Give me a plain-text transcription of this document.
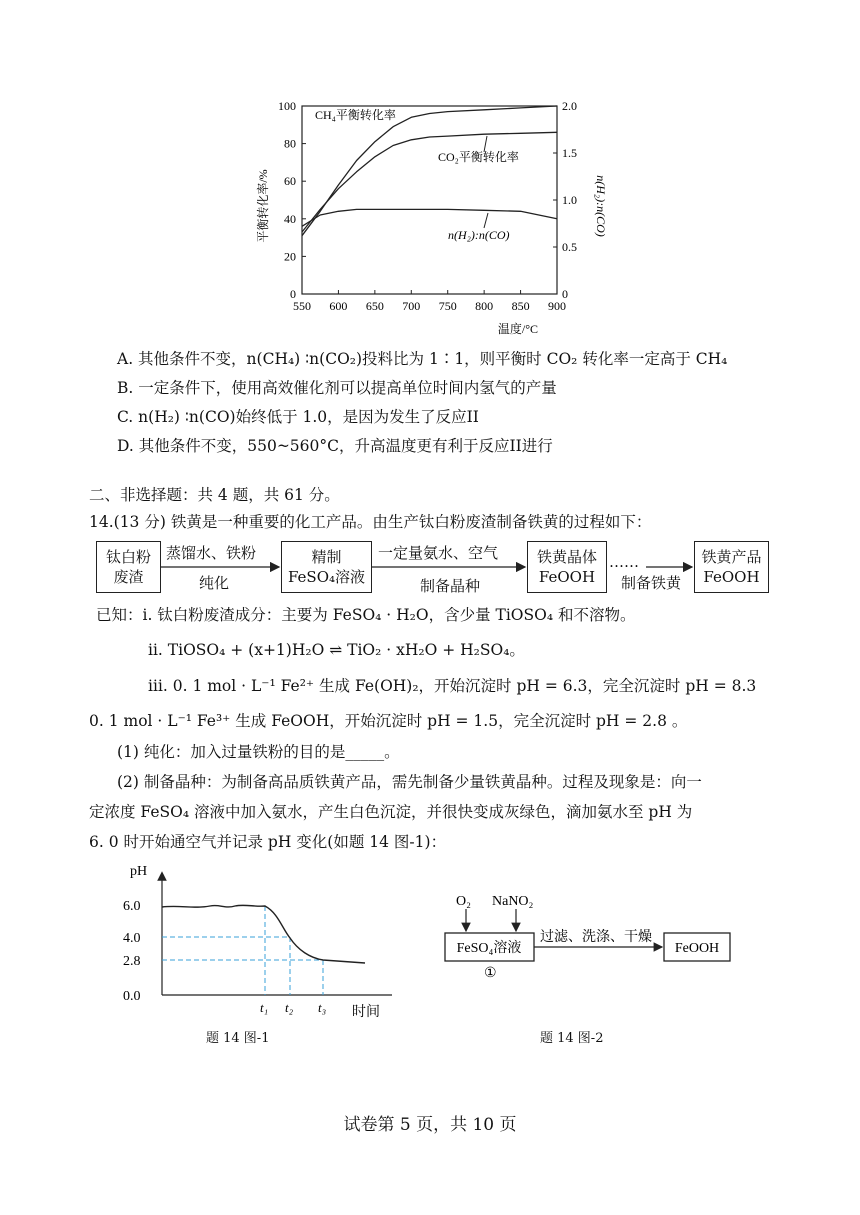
550 600 650 700 750 800 850 900
0
20
40
60
80
100
0
0.5
1.0
1.5
2.0
平衡转化率/%	n(H₂):n(CO)
温度/°C
CH₄平衡转化率
CO₂平衡转化率
n(H₂):n(CO)
A. 其他条件不变，n(CH₄) ∶n(CO₂)投料比为 1∶1，则平衡时 CO₂ 转化率一定高于 CH₄
B. 一定条件下，使用高效催化剂可以提高单位时间内氢气的产量
C. n(H₂) ∶n(CO)始终低于 1.0，是因为发生了反应II
D. 其他条件不变，550~560°C，升高温度更有利于反应II进行
二、非选择题：共 4 题，共 61 分。
14.(13 分) 铁黄是一种重要的化工产品。由生产钛白粉废渣制备铁黄的过程如下：
钛白粉
废渣
蒸馏水、铁粉
纯化
精制
FeSO₄溶液
一定量氨水、空气
制备晶种
铁黄晶体
FeOOH
……
制备铁黄
铁黄产品
FeOOH
已知：ⅰ. 钛白粉废渣成分：主要为 FeSO₄ · H₂O，含少量 TiOSO₄ 和不溶物。
ⅱ. TiOSO₄ + (x+1)H₂O ⇌ TiO₂ · xH₂O + H₂SO₄。
ⅲ. 0. 1 mol · L⁻¹ Fe²⁺ 生成 Fe(OH)₂，开始沉淀时 pH = 6.3，完全沉淀时 pH = 8.3
0. 1 mol · L⁻¹ Fe³⁺ 生成 FeOOH，开始沉淀时 pH = 1.5，完全沉淀时 pH = 2.8 。
(1) 纯化：加入过量铁粉的目的是_____。
(2) 制备晶种：为制备高品质铁黄产品，需先制备少量铁黄晶种。过程及现象是：向一
定浓度 FeSO₄ 溶液中加入氨水，产生白色沉淀，并很快变成灰绿色，滴加氨水至 pH 为
6. 0 时开始通空气并记录 pH 变化(如题 14 图-1)：
pH
6.0
4.0
2.8
0.0
t₁ t₂ t₃ 时间
题 14 图-1
O₂ NaNO₂
FeSO₄溶液
①
过滤、洗涤、干燥
FeOOH
题 14 图-2
试卷第 5 页，共 10 页
